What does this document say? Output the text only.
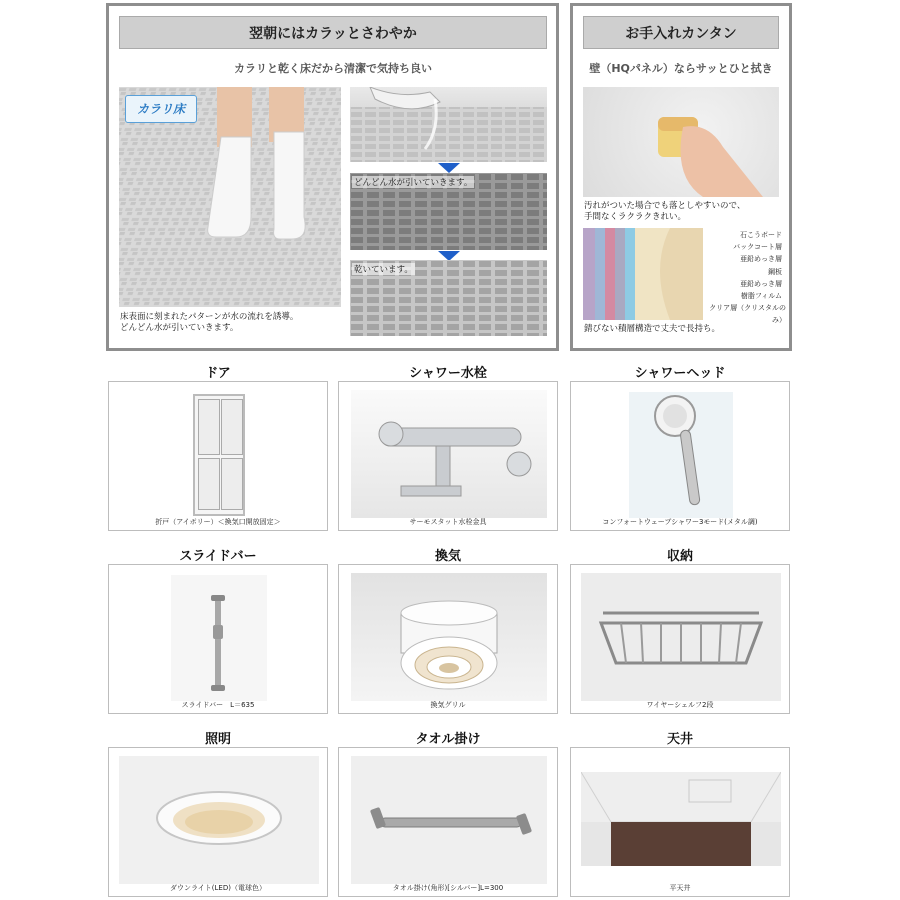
翌朝にはカラッとさわやか
カラリと乾く床だから清潔で気持ち良い
カラリ床
床表面に刻まれたパターンが水の流れを誘導。
どんどん水が引いていきます。
どんどん水が引いていきます。
乾いています。
お手入れカンタン
壁（HQパネル）ならサッとひと拭き
汚れがついた場合でも落としやすいので、
手間なくラクラクきれい。
石こうボード
バックコート層
亜鉛めっき層
鋼板
亜鉛めっき層
樹脂フィルム
クリア層（クリスタルのみ）
錆びない積層構造で丈夫で長持ち。
ドア
折戸（アイボリー）＜換気口開放固定＞
シャワー水栓
サーモスタット水栓金具
シャワーヘッド
コンフォートウェーブシャワー3モード(メタル調)
スライドバー
スライドバー　L＝635
換気
換気グリル
収納
ワイヤーシェルフ2段
照明
ダウンライト(LED)（電球色）
タオル掛け
タオル掛け(角形)[シルバー]L=300
天井
平天井
